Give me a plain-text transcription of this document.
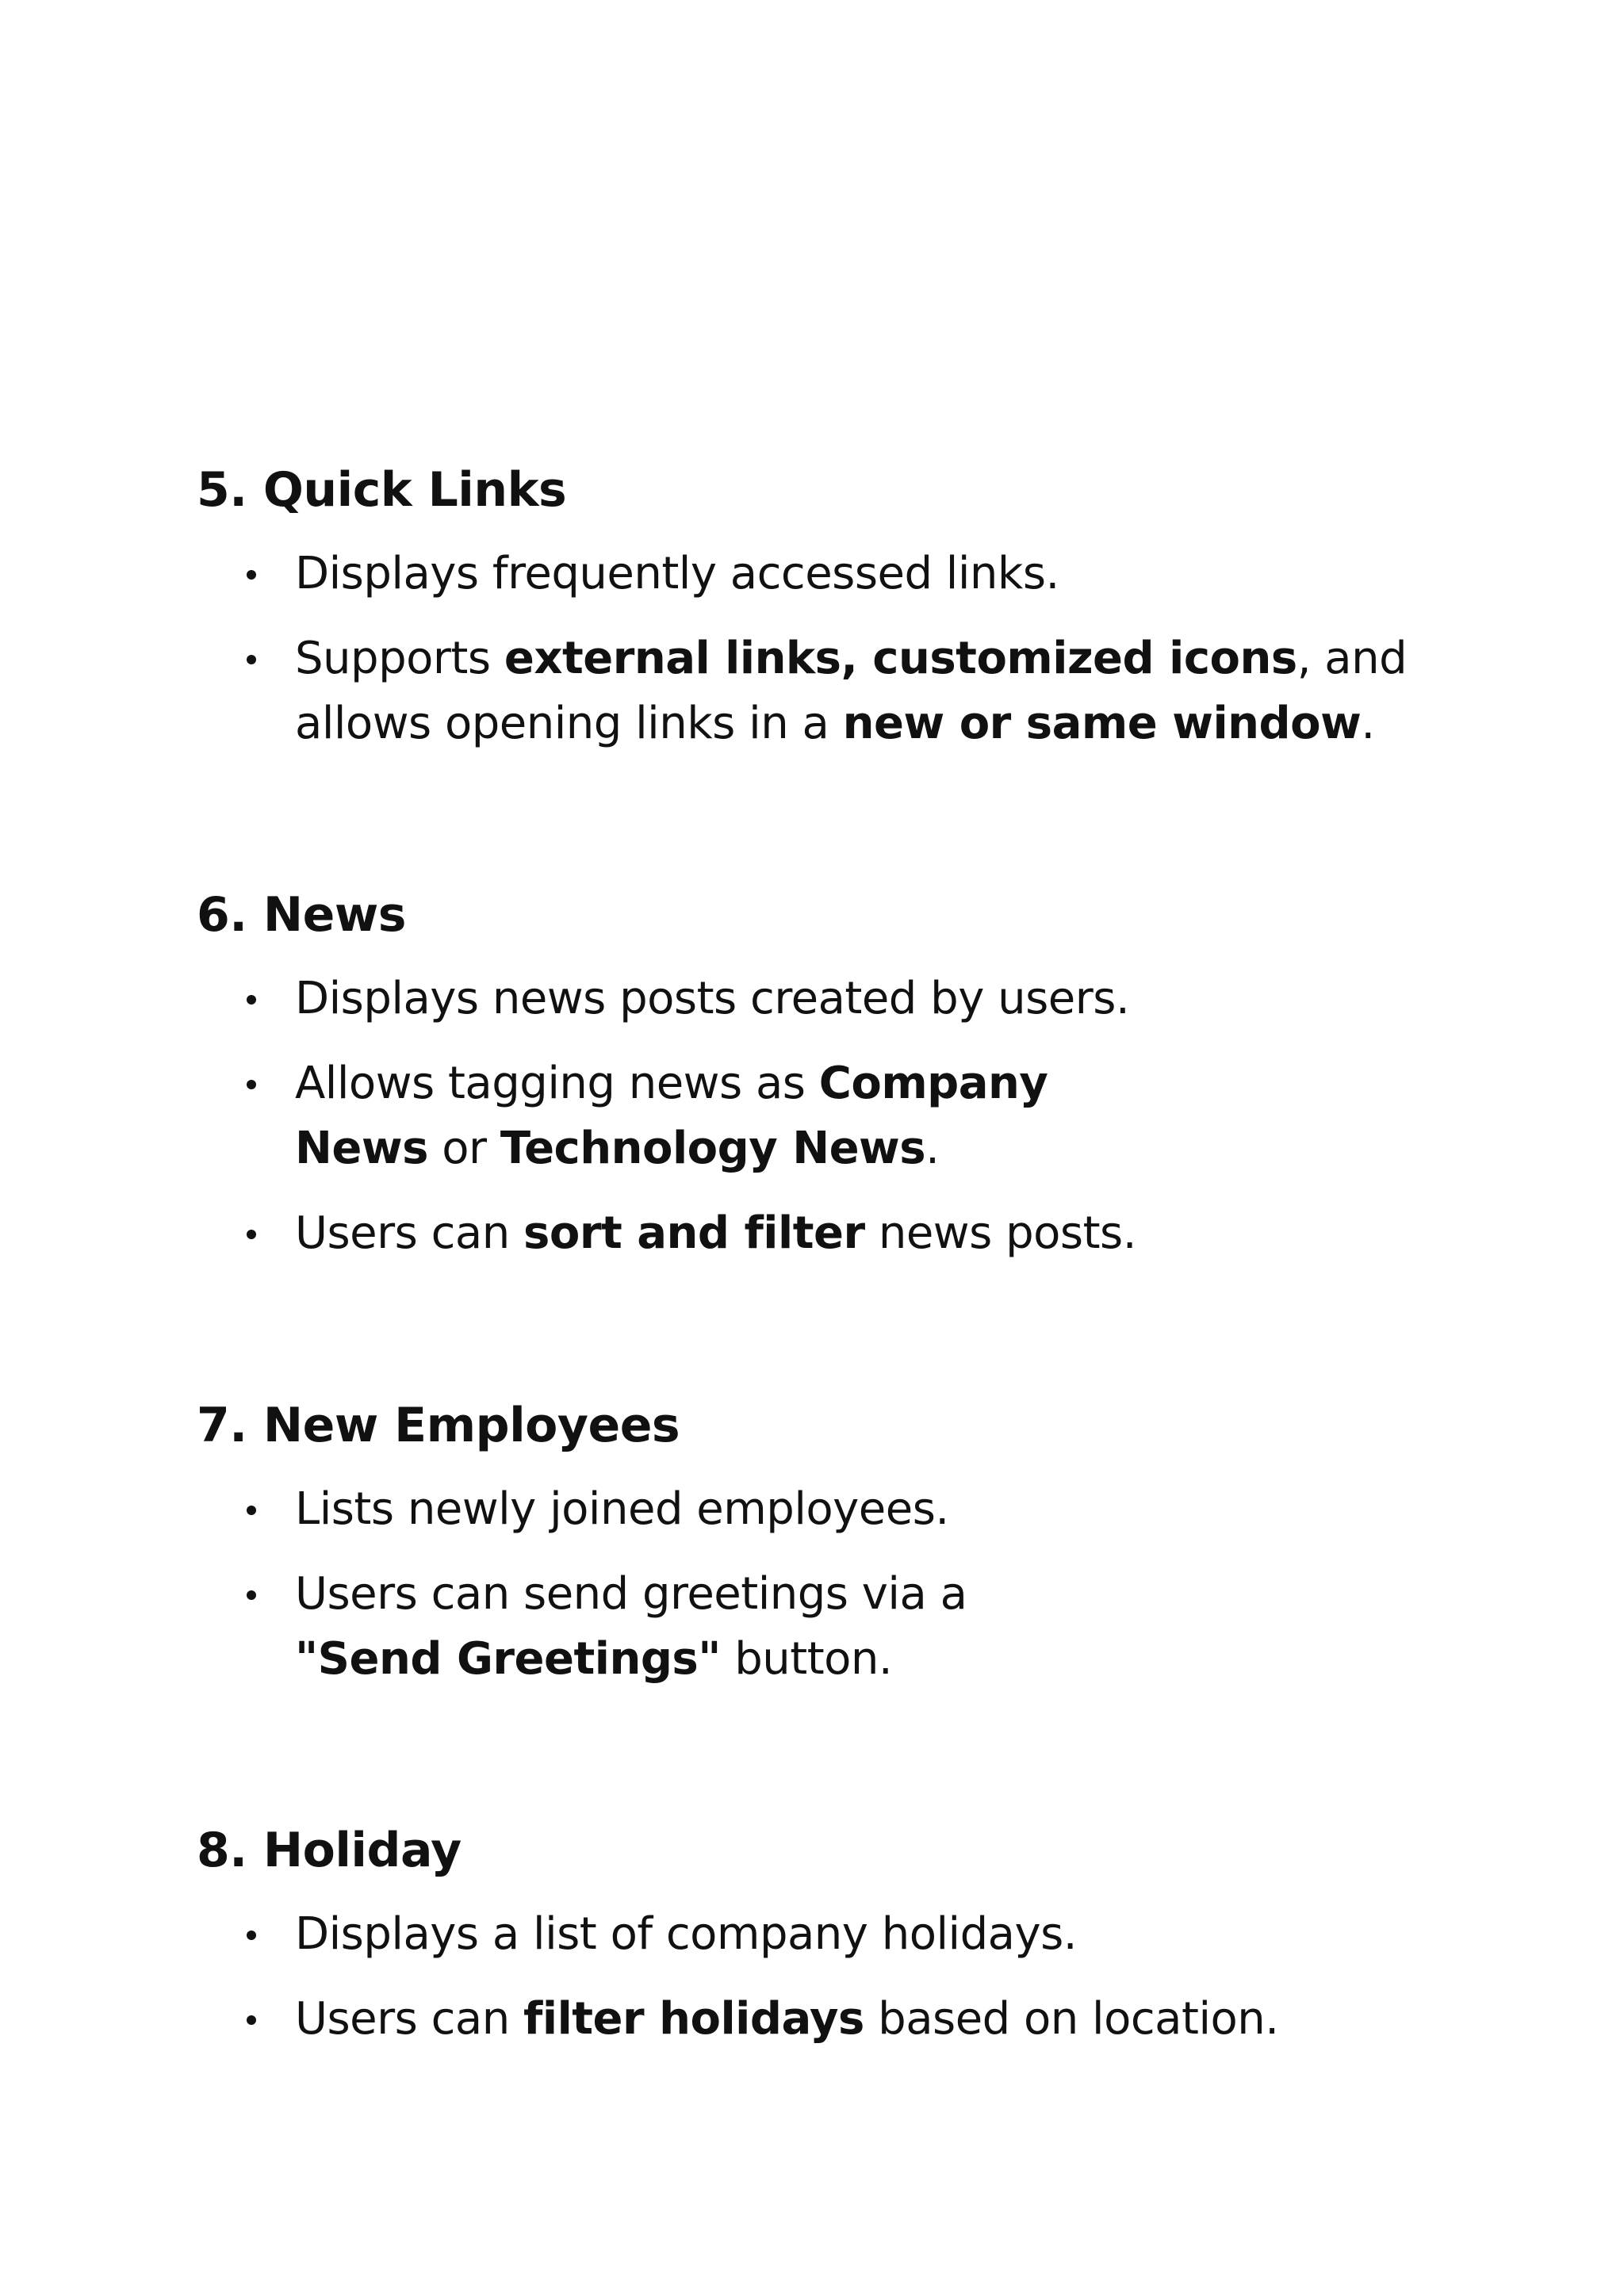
5. Quick Links
Displays frequently accessed links.
Supports external links, customized icons, and allows opening links in a new or same window.
6. News
Displays news posts created by users.
Allows tagging news as Company News or Technology News.
Users can sort and filter news posts.
7. New Employees
Lists newly joined employees.
Users can send greetings via a "Send Greetings" button.
8. Holiday
Displays a list of company holidays.
Users can filter holidays based on location.
